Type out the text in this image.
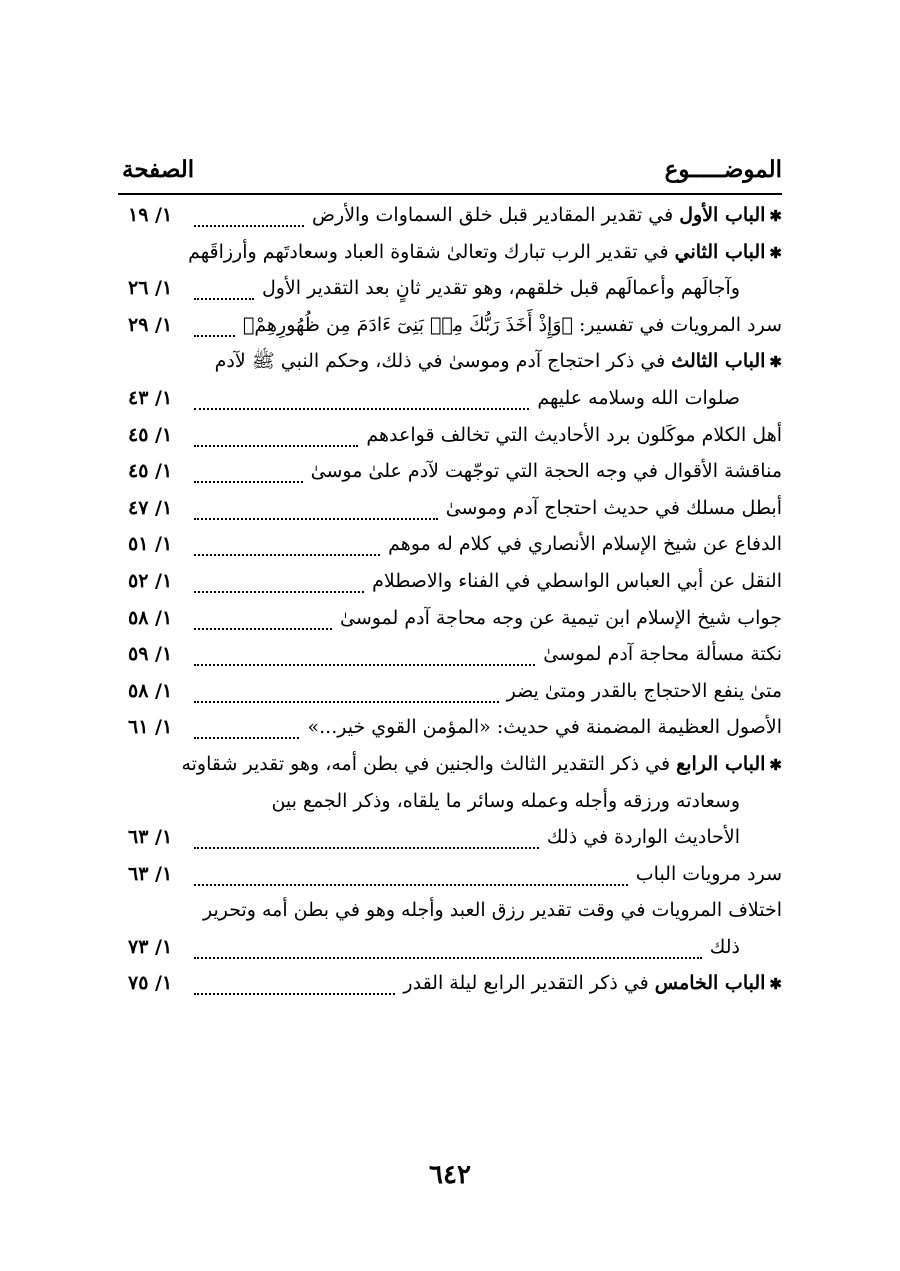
الموضـــــوع
الصفحة
✱الباب الأول في تقدير المقادير قبل خلق السماوات والأرض
١/ ١٩
✱الباب الثاني في تقدير الرب تبارك وتعالىٰ شقاوة العباد وسعادتَهم وأرزاقَهم
وآجالَهم وأعمالَهم قبل خلقهم، وهو تقدير ثانٍ بعد التقدير الأول
١/ ٢٦
سرد المرويات في تفسير: ﴿وَإِذْ أَخَذَ رَبُّكَ مِنۢ بَنِىٓ ءَادَمَ مِن ظُهُورِهِمْ﴾
١/ ٢٩
✱الباب الثالث في ذكر احتجاج آدم وموسىٰ في ذلك، وحكم النبي ﷺ لآدم
صلوات الله وسلامه عليهم
١/ ٤٣
أهل الكلام موكَلون برد الأحاديث التي تخالف قواعدهم
١/ ٤٥
مناقشة الأقوال في وجه الحجة التي توجّهت لآدم علىٰ موسىٰ
١/ ٤٥
أبطل مسلك في حديث احتجاج آدم وموسىٰ
١/ ٤٧
الدفاع عن شيخ الإسلام الأنصاري في كلام له موهم
١/ ٥١
النقل عن أبي العباس الواسطي في الفناء والاصطلام
١/ ٥٢
جواب شيخ الإسلام ابن تيمية عن وجه محاجة آدم لموسىٰ
١/ ٥٨
نكتة مسألة محاجة آدم لموسىٰ
١/ ٥٩
متىٰ ينفع الاحتجاج بالقدر ومتىٰ يضر
١/ ٥٨
الأصول العظيمة المضمنة في حديث: «المؤمن القوي خير...»
١/ ٦١
✱الباب الرابع في ذكر التقدير الثالث والجنين في بطن أمه، وهو تقدير شقاوته
وسعادته ورزقه وأجله وعمله وسائر ما يلقاه، وذكر الجمع بين
الأحاديث الواردة في ذلك
١/ ٦٣
سرد مرويات الباب
١/ ٦٣
اختلاف المرويات في وقت تقدير رزق العبد وأجله وهو في بطن أمه وتحرير
ذلك
١/ ٧٣
✱الباب الخامس في ذكر التقدير الرابع ليلة القدر
١/ ٧٥
٦٤٢
